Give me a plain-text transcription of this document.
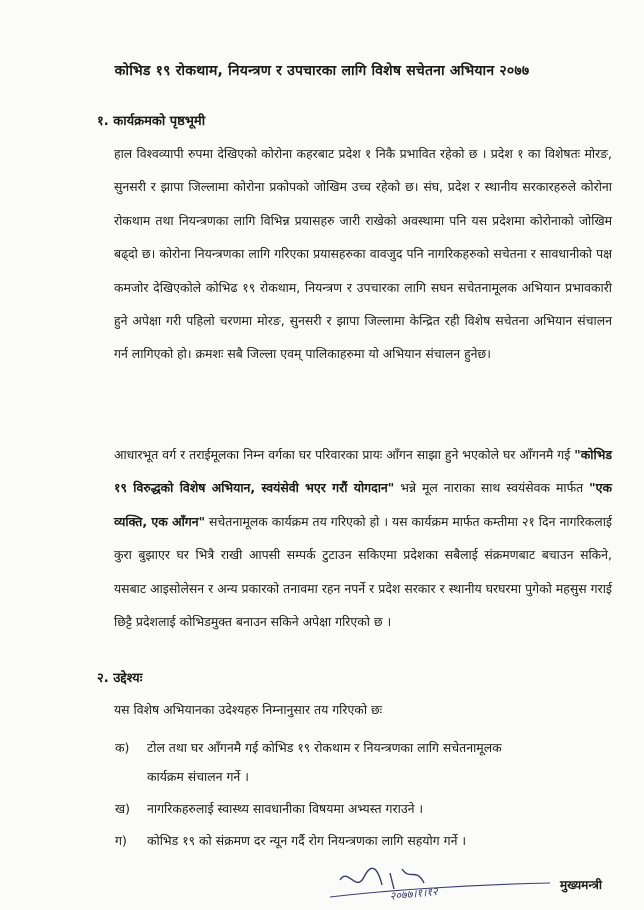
कोभिड १९ रोकथाम, नियन्त्रण र उपचारका लागि विशेष सचेतना अभियान २०७७
१. कार्यक्रमको पृष्ठभूमी

हाल विश्वव्यापी रुपमा देखिएको कोरोना कहरबाट प्रदेश १ निकै प्रभावित रहेको छ । प्रदेश १ का विशेषतः मोरङ, सुनसरी र झापा जिल्लामा कोरोना प्रकोपको जोखिम उच्च रहेको छ। संघ, प्रदेश र स्थानीय सरकारहरुले कोरोना रोकथाम तथा नियन्त्रणका लागि विभिन्न प्रयासहरु जारी राखेको अवस्थामा पनि यस प्रदेशमा कोरोनाको जोखिम बढ्दो छ। कोरोना नियन्त्रणका लागि गरिएका प्रयासहरुका वावजुद पनि नागरिकहरुको सचेतना र सावधानीको पक्ष कमजोर देखिएकोले कोभिढ १९ रोकथाम, नियन्त्रण र उपचारका लागि सघन सचेतनामूलक अभियान प्रभावकारी हुने अपेक्षा गरी पहिलो चरणमा मोरङ, सुनसरी र झापा जिल्लामा केन्द्रित रही विशेष सचेतना अभियान संचालन गर्न लागिएको हो। क्रमशः सबै जिल्ला एवम् पालिकाहरुमा यो अभियान संचालन हुनेछ।

आधारभूत वर्ग र तराईमूलका निम्न वर्गका घर परिवारका प्रायः आँगन साझा हुने भएकोले घर आँगनमै गई "कोभिड १९ विरुद्धको विशेष अभियान, स्वयंसेवी भएर गरौं योगदान" भन्ने मूल नाराका साथ स्वयंसेवक मार्फत "एक व्यक्ति, एक आँगन" सचेतनामूलक कार्यक्रम तय गरिएको हो । यस कार्यक्रम मार्फत कम्तीमा २१ दिन नागरिकलाई कुरा बुझाएर घर भित्रै राखी आपसी सम्पर्क टुटाउन सकिएमा प्रदेशका सबैलाई संक्रमणबाट बचाउन सकिने, यसबाट आइसोलेसन र अन्य प्रकारको तनावमा रहन नपर्ने र प्रदेश सरकार र स्थानीय घरघरमा पुगेको महसुस गराई छिट्टै प्रदेशलाई कोभिडमुक्त बनाउन सकिने अपेक्षा गरिएको छ ।

२. उद्देश्यः
यस विशेष अभियानका उदेश्यहरु निम्नानुसार तय गरिएको छः
क) टोल तथा घर आँगनमै गई कोभिड १९ रोकथाम र नियन्त्रणका लागि सचेतनामूलक
कार्यक्रम संचालन गर्ने ।
ख) नागरिकहरुलाई स्वास्थ्य सावधानीका विषयमा अभ्यस्त गराउने ।
ग) कोभिड १९ को संक्रमण दर न्यून गर्दै रोग नियन्त्रणका लागि सहयोग गर्ने ।
२०७७।१।१२	मुख्यमन्त्री
